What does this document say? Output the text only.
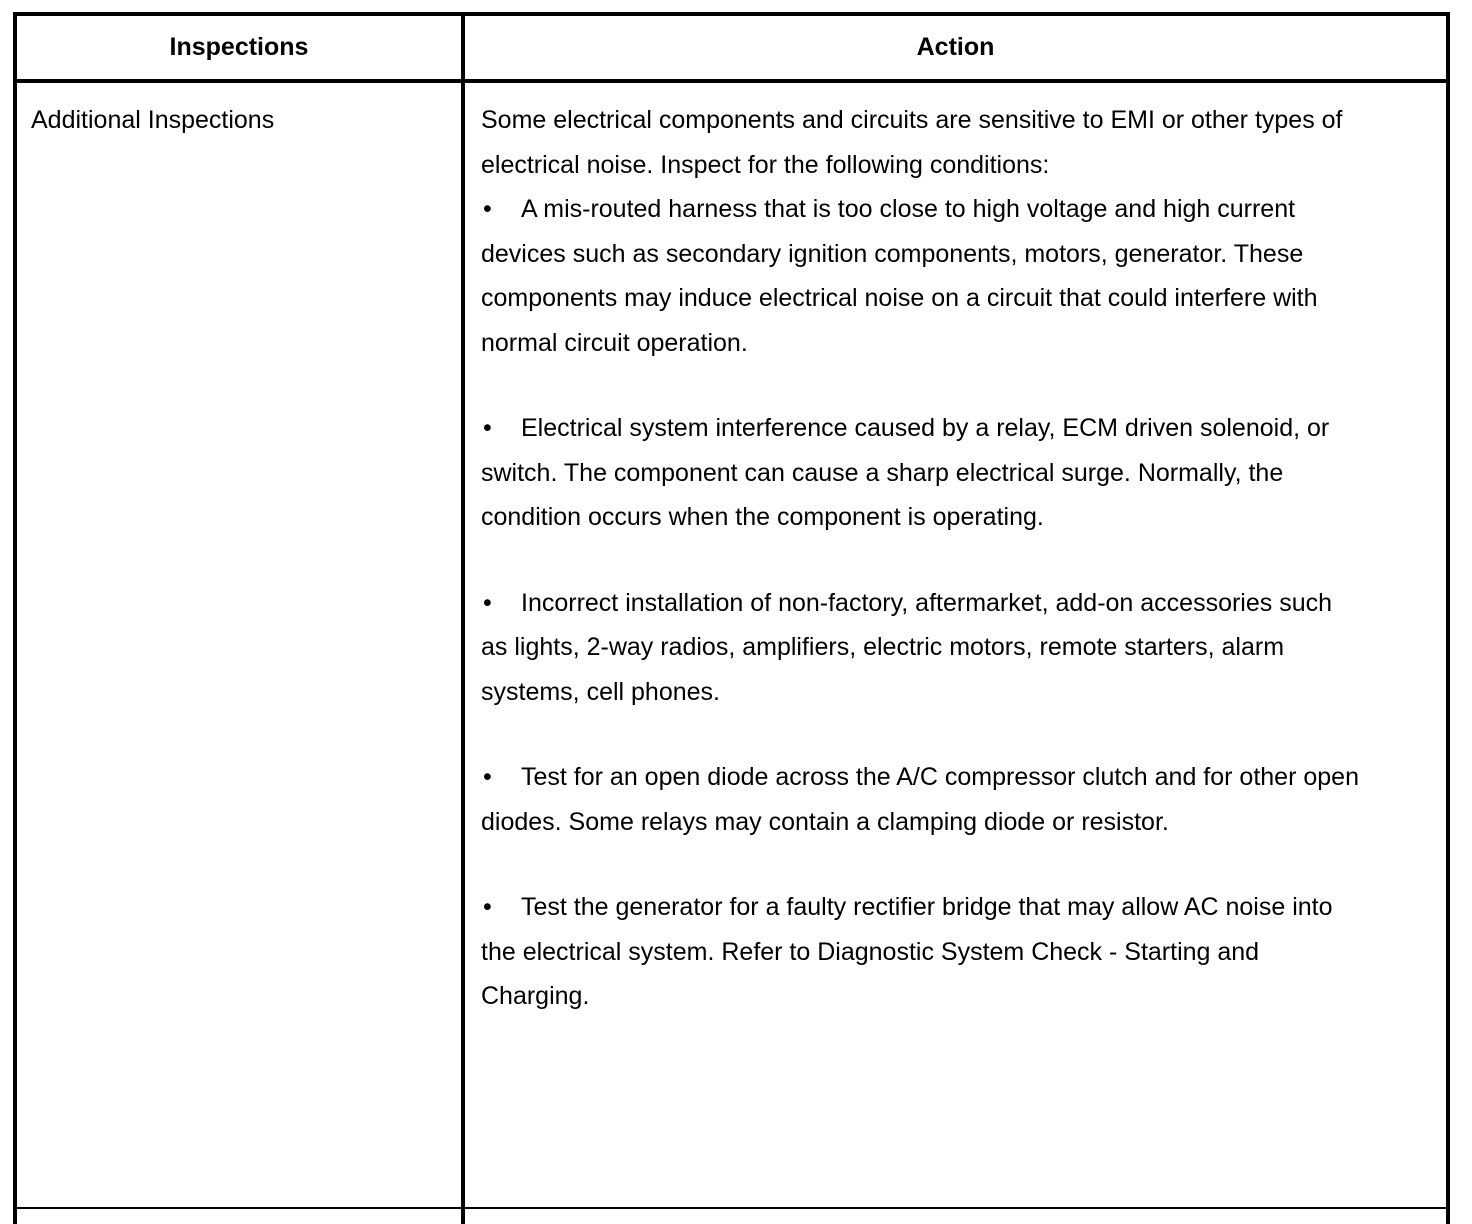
Inspections	Action
Additional Inspections	Some electrical components and circuits are sensitive to EMI or other types of electrical noise. Inspect for the following conditions:
• A mis-routed harness that is too close to high voltage and high current devices such as secondary ignition components, motors, generator. These components may induce electrical noise on a circuit that could interfere with normal circuit operation.
• Electrical system interference caused by a relay, ECM driven solenoid, or switch. The component can cause a sharp electrical surge. Normally, the condition occurs when the component is operating.
• Incorrect installation of non-factory, aftermarket, add-on accessories such as lights, 2-way radios, amplifiers, electric motors, remote starters, alarm systems, cell phones.
• Test for an open diode across the A/C compressor clutch and for other open diodes. Some relays may contain a clamping diode or resistor.
• Test the generator for a faulty rectifier bridge that may allow AC noise into the electrical system. Refer to Diagnostic System Check - Starting and Charging.
